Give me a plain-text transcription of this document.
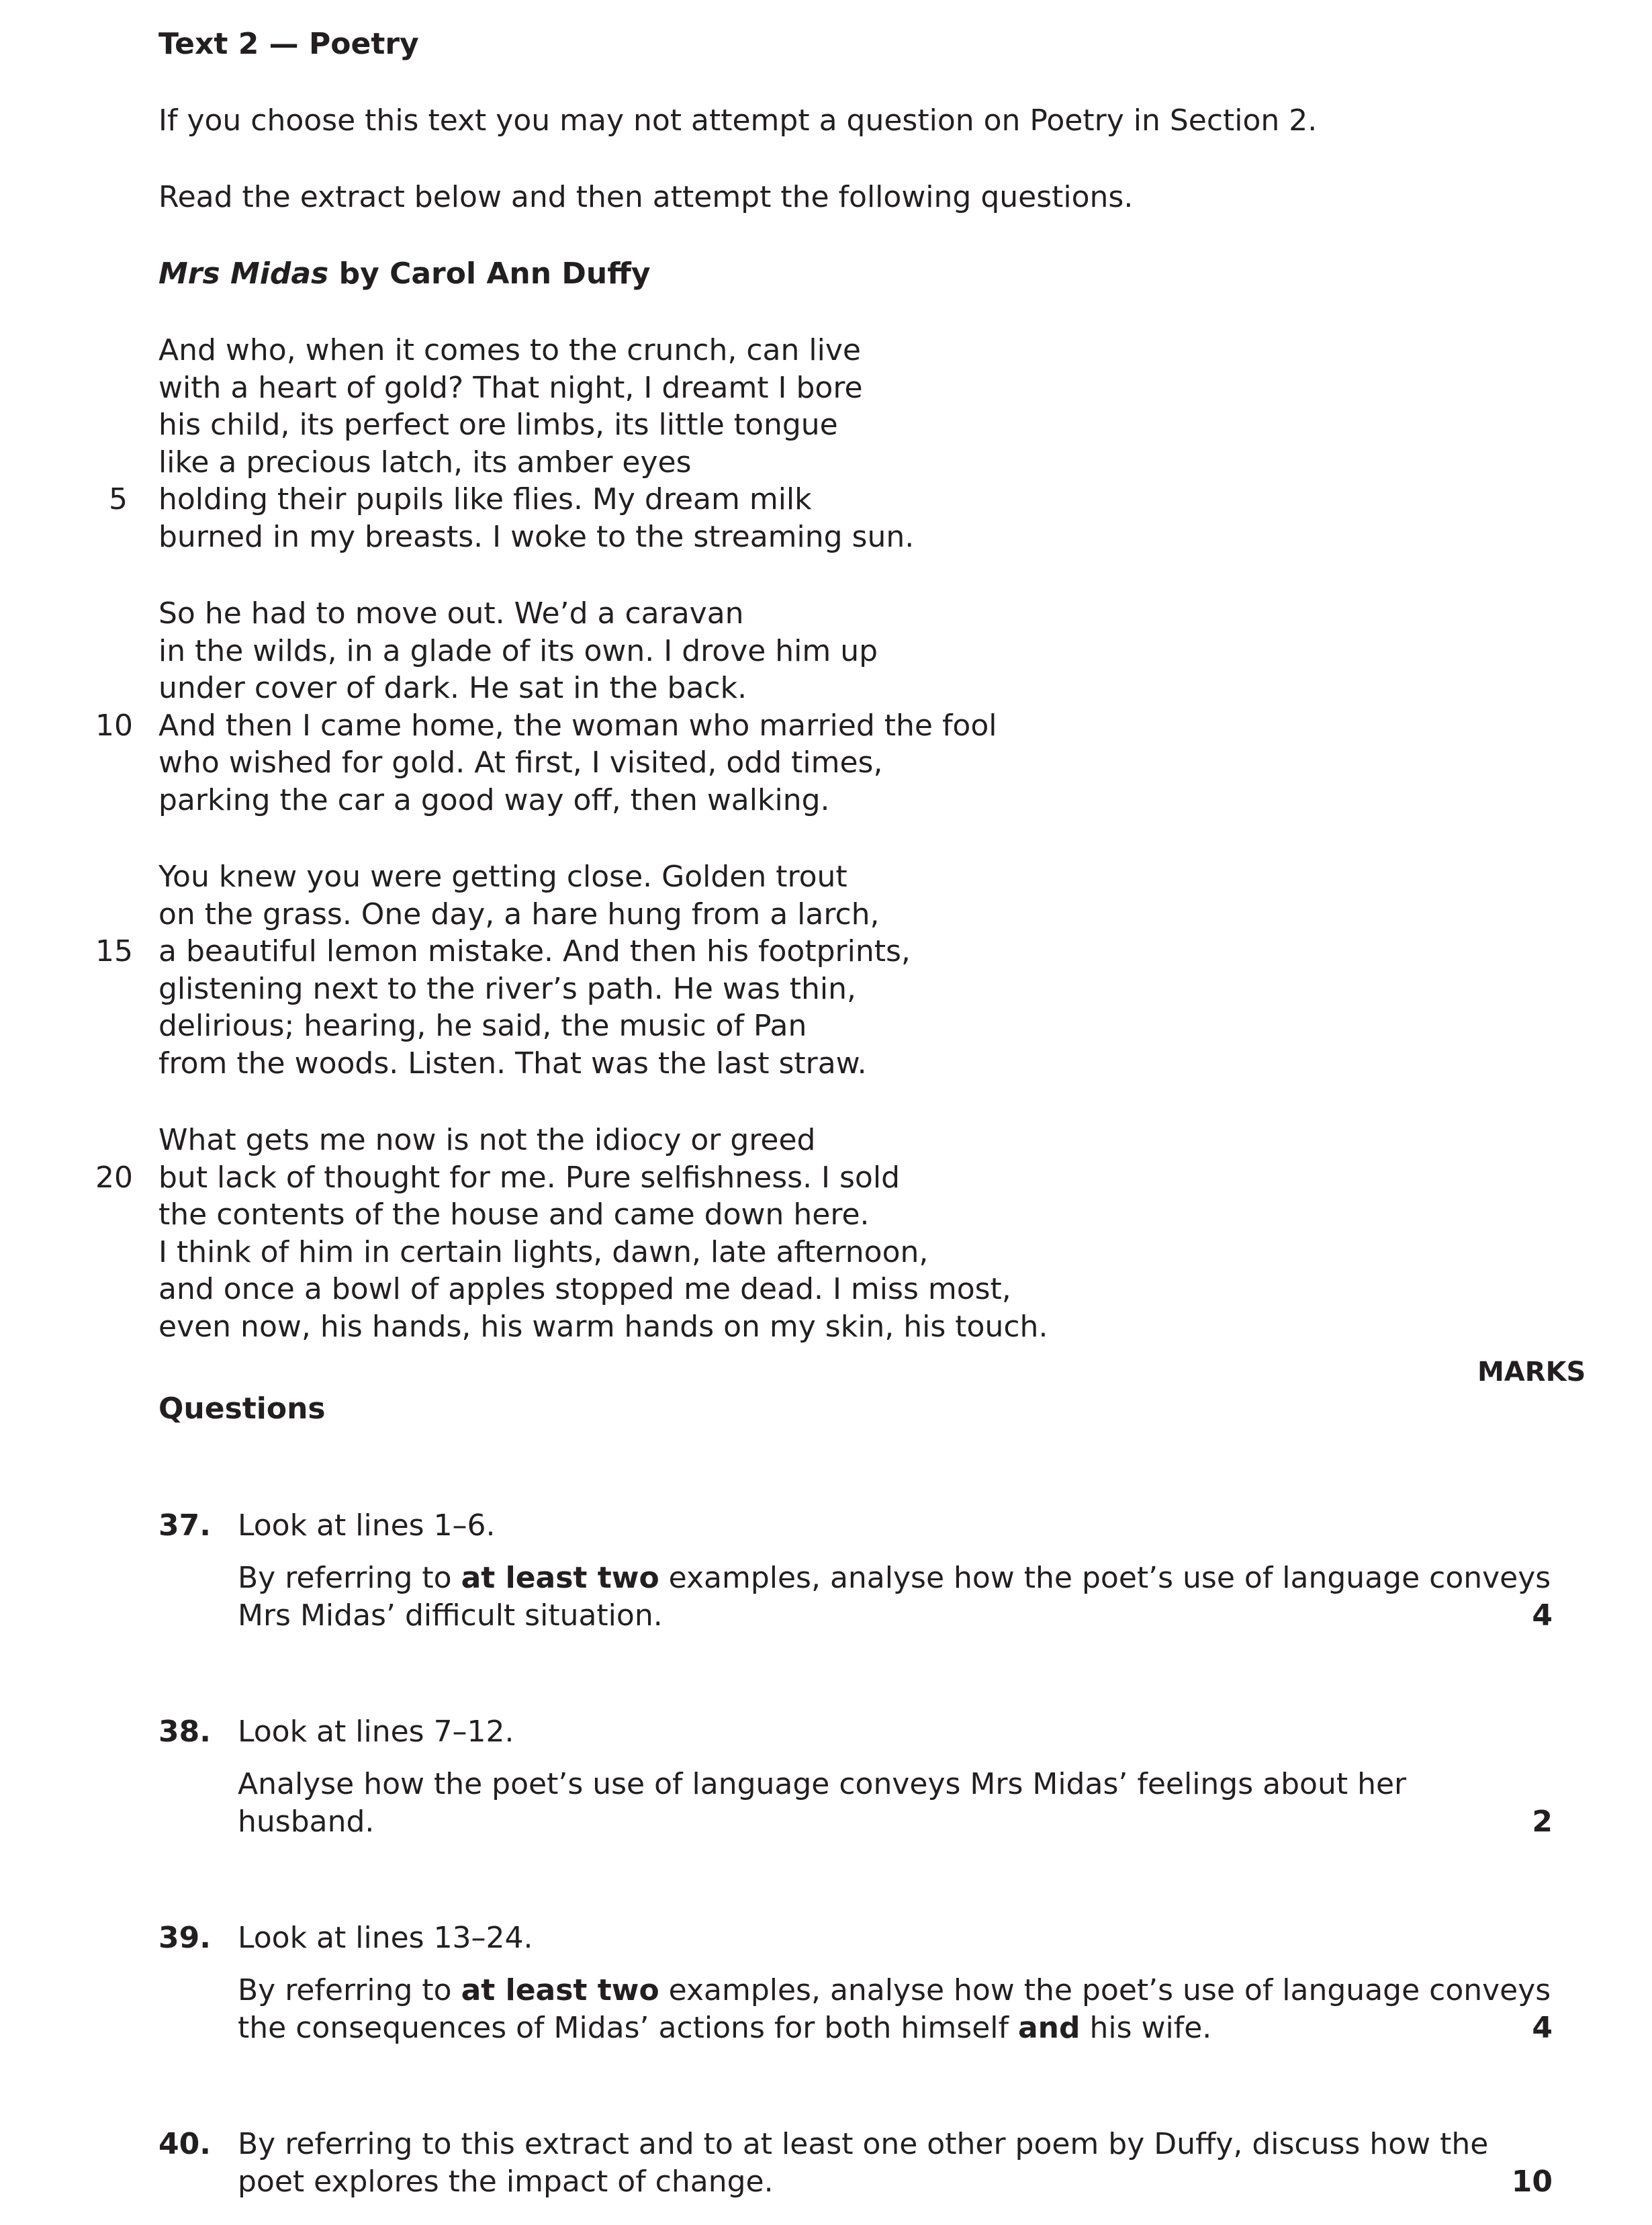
Text 2 — Poetry
If you choose this text you may not attempt a question on Poetry in Section 2.
Read the extract below and then attempt the following questions.
Mrs Midas by Carol Ann Duffy
And who, when it comes to the crunch, can live
with a heart of gold? That night, I dreamt I bore
his child, its perfect ore limbs, its little tongue
like a precious latch, its amber eyes
5 holding their pupils like flies. My dream milk
burned in my breasts. I woke to the streaming sun.
So he had to move out. We’d a caravan
in the wilds, in a glade of its own. I drove him up
under cover of dark. He sat in the back.
10 And then I came home, the woman who married the fool
who wished for gold. At first, I visited, odd times,
parking the car a good way off, then walking.
You knew you were getting close. Golden trout
on the grass. One day, a hare hung from a larch,
15 a beautiful lemon mistake. And then his footprints,
glistening next to the river’s path. He was thin,
delirious; hearing, he said, the music of Pan
from the woods. Listen. That was the last straw.
What gets me now is not the idiocy or greed
20 but lack of thought for me. Pure selfishness. I sold
the contents of the house and came down here.
I think of him in certain lights, dawn, late afternoon,
and once a bowl of apples stopped me dead. I miss most,
even now, his hands, his warm hands on my skin, his touch.
MARKS
Questions
37. Look at lines 1–6.
By referring to at least two examples, analyse how the poet’s use of language conveys
Mrs Midas’ difficult situation.	4
38. Look at lines 7–12.
Analyse how the poet’s use of language conveys Mrs Midas’ feelings about her
husband.	2
39. Look at lines 13–24.
By referring to at least two examples, analyse how the poet’s use of language conveys
the consequences of Midas’ actions for both himself and his wife.	4
40. By referring to this extract and to at least one other poem by Duffy, discuss how the
poet explores the impact of change.	10
